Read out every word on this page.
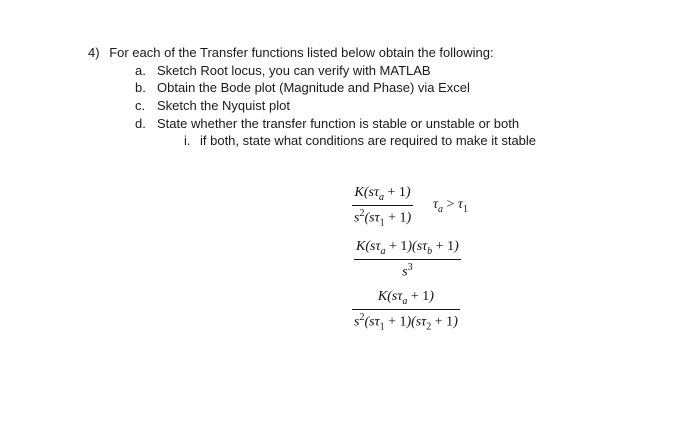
4) For each of the Transfer functions listed below obtain the following:
a. Sketch Root locus, you can verify with MATLAB
b. Obtain the Bode plot (Magnitude and Phase) via Excel
c. Sketch the Nyquist plot
d. State whether the transfer function is stable or unstable or both
i. if both, state what conditions are required to make it stable
$\frac{K(s\tau_a + 1)}{s^2(s\tau_1 + 1)} \tau_a > \tau_1$
$\frac{K(s\tau_a + 1)(s\tau_b + 1)}{s^3}$
$\frac{K(s\tau_a + 1)}{s^2(s\tau_1 + 1)(s\tau_2 + 1)}$
